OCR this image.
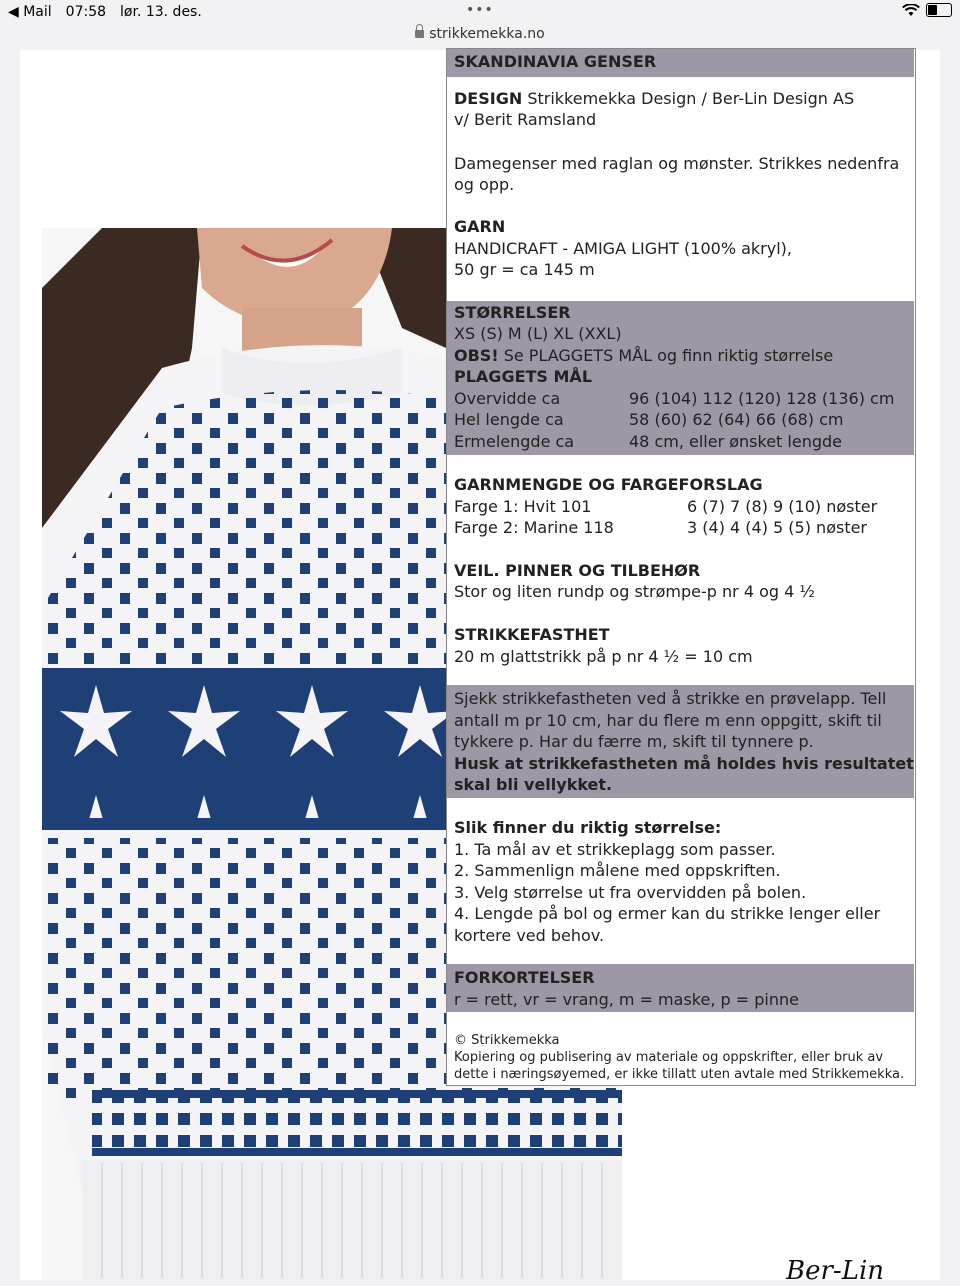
◀ Mail 07:58 lør. 13. des.	•••
strikkemekka.no
Ber-Lin
SKANDINAVIA GENSER
DESIGN Strikkemekka Design / Ber-Lin Design AS
v/ Berit Ramsland
Damegenser med raglan og mønster. Strikkes nedenfra
og opp.
GARN
HANDICRAFT - AMIGA LIGHT (100% akryl),
50 gr = ca 145 m
STØRRELSER
XS (S) M (L) XL (XXL)
OBS! Se PLAGGETS MÅL og finn riktig størrelse
PLAGGETS MÅL
Overvidde ca	96 (104) 112 (120) 128 (136) cm
Hel lengde ca	58 (60) 62 (64) 66 (68) cm
Ermelengde ca	48 cm, eller ønsket lengde
GARNMENGDE OG FARGEFORSLAG
Farge 1: Hvit 101	6 (7) 7 (8) 9 (10) nøster
Farge 2: Marine 118	3 (4) 4 (4) 5 (5) nøster
VEIL. PINNER OG TILBEHØR
Stor og liten rundp og strømpe-p nr 4 og 4 ½
STRIKKEFASTHET
20 m glattstrikk på p nr 4 ½ = 10 cm
Sjekk strikkefastheten ved å strikke en prøvelapp. Tell
antall m pr 10 cm, har du flere m enn oppgitt, skift til
tykkere p. Har du færre m, skift til tynnere p.
Husk at strikkefastheten må holdes hvis resultatet
skal bli vellykket.
Slik finner du riktig størrelse:
1. Ta mål av et strikkeplagg som passer.
2. Sammenlign målene med oppskriften.
3. Velg størrelse ut fra overvidden på bolen.
4. Lengde på bol og ermer kan du strikke lenger eller
kortere ved behov.
FORKORTELSER
r = rett, vr = vrang, m = maske, p = pinne
© Strikkemekka
Kopiering og publisering av materiale og oppskrifter, eller bruk av
dette i næringsøyemed, er ikke tillatt uten avtale med Strikkemekka.
